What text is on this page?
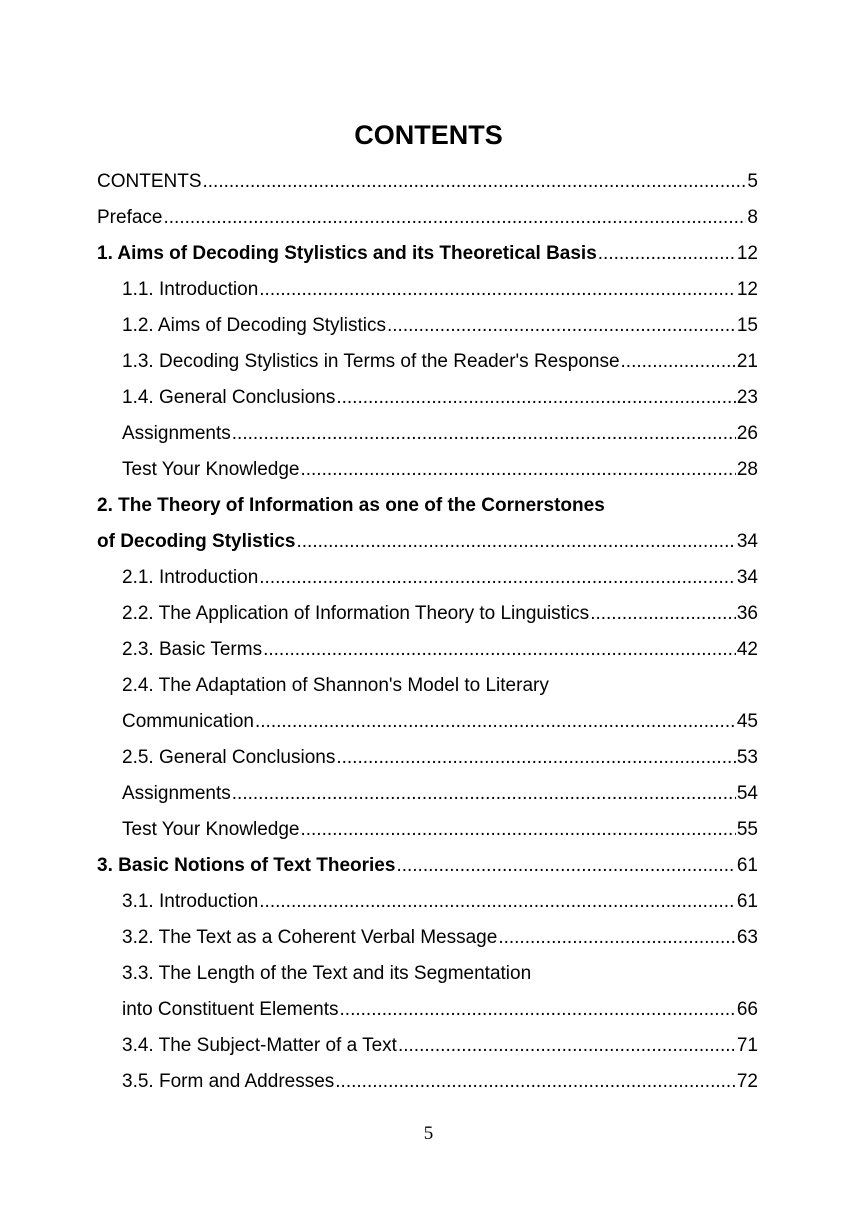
CONTENTS
CONTENTS .....	5
Preface .....	8
1. Aims of Decoding Stylistics and its Theoretical Basis .....	12
1.1. Introduction .....	12
1.2. Aims of Decoding Stylistics .....	15
1.3. Decoding Stylistics in Terms of the Reader's Response .....	21
1.4. General Conclusions .....	23
Assignments .....	26
Test Your Knowledge .....	28
2. The Theory of Information as one of the Cornerstones
of Decoding Stylistics .....	34
2.1. Introduction .....	34
2.2. The Application of Information Theory to Linguistics .....	36
2.3. Basic Terms .....	42
2.4. The Adaptation of Shannon's Model to Literary
Communication .....	45
2.5. General Conclusions .....	53
Assignments .....	54
Test Your Knowledge .....	55
3. Basic Notions of Text Theories .....	61
3.1. Introduction .....	61
3.2. The Text as a Coherent Verbal Message .....	63
3.3. The Length of the Text and its Segmentation
into Constituent Elements .....	66
3.4. The Subject-Matter of a Text .....	71
3.5. Form and Addresses .....	72
5
